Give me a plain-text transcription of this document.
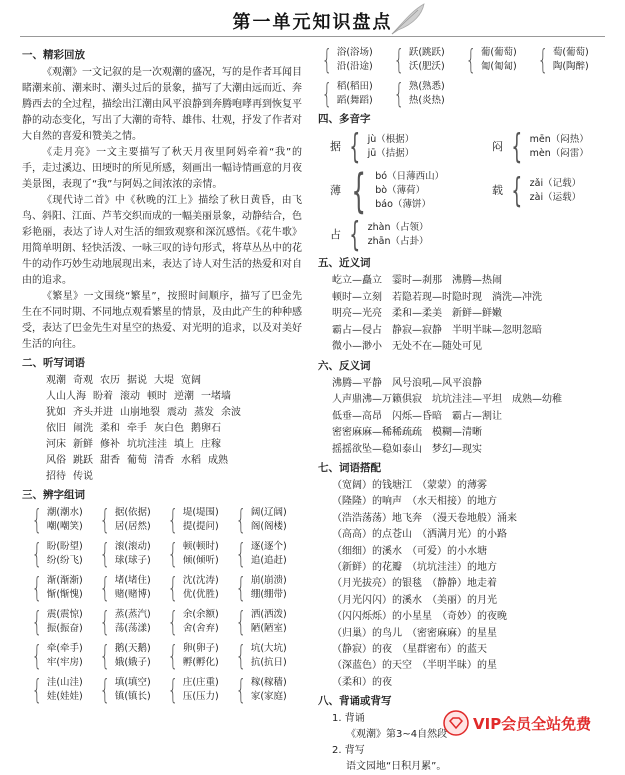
第一单元知识盘点
一、精彩回放

《观潮》一文记叙的是一次观潮的盛况，写的是作者耳闻目睹潮来前、潮来时、潮头过后的景象，描写了大潮由远而近、奔腾西去的全过程，描绘出江潮由风平浪静到奔腾咆哮再到恢复平静的动态变化，写出了大潮的奇特、雄伟、壮观，抒发了作者对大自然的喜爱和赞美之情。

《走月亮》一文主要描写了秋天月夜里阿妈牵着“我”的手，走过溪边、田埂时的所见所感，刻画出一幅诗情画意的月夜美景图，表现了“我”与阿妈之间浓浓的亲情。

《现代诗二首》中《秋晚的江上》描绘了秋日黄昏，由飞鸟、斜阳、江面、芦苇交织而成的一幅美丽景象，动静结合，色彩艳丽，表达了诗人对生活的细致观察和深沉感悟。《花牛歌》用简单明朗、轻快活泼、一咏三叹的诗句形式，将草丛丛中的花牛的动作巧妙生动地展现出来，表达了诗人对生活的热爱和对自由的追求。

《繁星》一文围绕“繁星”，按照时间顺序，描写了巴金先生在不同时期、不同地点观看繁星的情景，及由此产生的种种感受，表达了巴金先生对星空的热爱、对光明的追求，以及对美好生活的向往。

二、听写词语
观潮 奇观 农历 据说 大堤 宽阔
人山人海 盼着 滚动 顿时 逆潮 一堵墙
犹如 齐头并进 山崩地裂 震动 蒸发 余波
依旧 闹洗 柔和 牵手 灰白色 鹅卵石
河床 新鲜 修补 坑坑洼洼 填上 庄稼
风俗 跳跃 甜香 葡萄 清香 水稻 成熟
招待 传说
三、辨字组词
{ 潮(潮水)
嘲(嘲笑) { 据(依据)
居(居然) { 堤(堤围)
提(提问) { 阔(辽阔)
阁(阁楼)
{ 盼(盼望)
纷(纷飞) { 滚(滚动)
球(球子) { 顿(顿时)
倾(倾听) { 逐(逐个)
追(追赶)
{ 渐(渐渐)
惭(惭愧) { 堵(堵住)
赌(赌博) { 沈(沈涛)
优(优胜) { 崩(崩溃)
绷(绷带)
{ 震(震惊)
振(振奋) { 蒸(蒸汽)
荡(荡漾) { 余(余额)
舍(舍弃) { 洒(洒泼)
陋(陋室)
{ 牵(牵手)
牢(牢房) { 鹅(天鹅)
娥(娥子) { 卵(卵子)
孵(孵化) { 坑(大坑)
抗(抗日)
{ 洼(山洼)
娃(娃娃) { 填(填空)
镇(镇长) { 庄(庄重)
压(压力) { 稼(稼穑)
家(家庭)
{ 浴(浴场)
沿(沿途) { 跃(跳跃)
沃(肥沃) { 葡(葡萄)
匍(匍匐) { 萄(葡萄)
陶(陶醉)
{ 稻(稻田)
蹈(舞蹈) { 熟(熟悉)
热(炎热)
四、多音字
据 { jù（根据）
jū（拮据）
闷 { mēn（闷热）
mèn（闷雷）
薄 { bó（日薄西山）
bò（薄荷）
báo（薄饼）
载 { zǎi（记载）
zài（运载）
占 { zhàn（占领）
zhān（占卦）
五、近义词
屹立—矗立 霎时—刹那 沸腾—热闹
顿时—立刻 若隐若现—时隐时现 淌洗—冲洗
明亮—光亮 柔和—柔美 新鲜—鲜嫩
霸占—侵占 静寂—寂静 半明半昧—忽明忽暗
微小—渺小 无处不在—随处可见
六、反义词
沸腾—平静 风号浪吼—风平浪静
人声鼎沸—万籁俱寂 坑坑洼洼—平坦 成熟—幼稚
低垂—高昂 闪烁—昏暗 霸占—割让
密密麻麻—稀稀疏疏 模糊—清晰
摇摇欲坠—稳如泰山 梦幻—现实
七、词语搭配
（宽阔）的钱塘江　（蒙蒙）的薄雾
（隆隆）的响声　（水天相接）的地方
（浩浩荡荡）地飞奔　（漫天卷地般）涌来
（高高）的点苍山　（洒满月光）的小路
（细细）的溪水　（可爱）的小水塘
（新鲜）的花瓣　（坑坑洼洼）的地方
（月光拔亮）的银毯　（静静）地走着
（月光闪闪）的溪水　（美丽）的月光
（闪闪烁烁）的小星星　（奇妙）的夜晚
（归巢）的鸟儿　（密密麻麻）的星星
（静寂）的夜　（星群密布）的蓝天
（深蓝色）的天空　（半明半昧）的星
（柔和）的夜
八、背诵或背写
1. 背诵
《观潮》第3~4自然段
2. 背写
语文园地“日积月累”。
VIP会员全站免费
